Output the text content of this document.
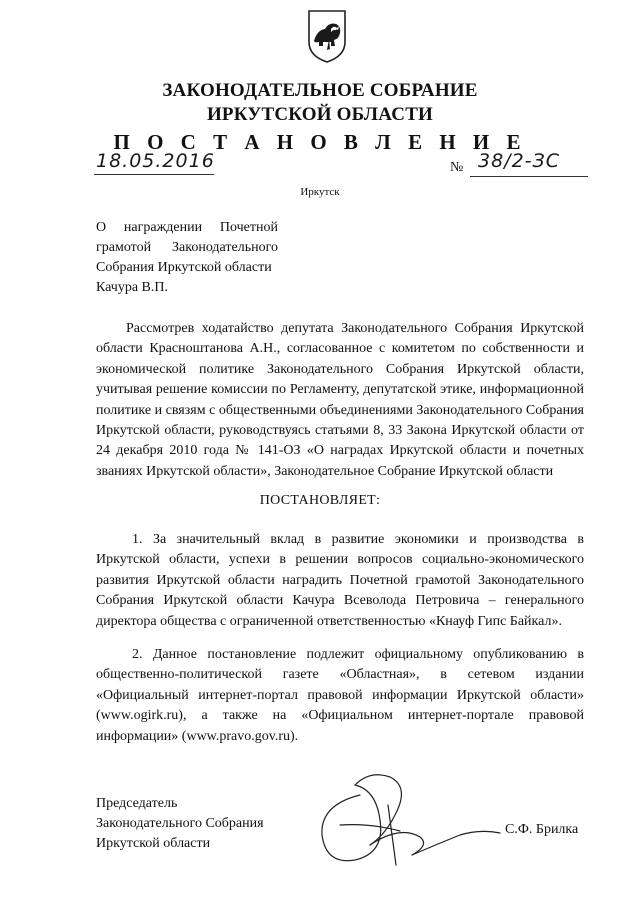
ЗАКОНОДАТЕЛЬНОЕ СОБРАНИЕ
ИРКУТСКОЙ ОБЛАСТИ
П О С Т А Н О В Л Е Н И Е
18.05.2016	№ 38/2-ЗС
Иркутск
О награждении Почетной
грамотой Законодательного
Собрания Иркутской области
Качура В.П.
Рассмотрев ходатайство депутата Законодательного Собрания Иркутской области Красноштанова А.Н., согласованное с комитетом по собственности и экономической политике Законодательного Собрания Иркутской области, учитывая решение комиссии по Регламенту, депутатской этике, информационной политике и связям с общественными объединениями Законодательного Собрания Иркутской области, руководствуясь статьями 8, 33 Закона Иркутской области от 24 декабря 2010 года № 141-ОЗ «О наградах Иркутской области и почетных званиях Иркутской области», Законодательное Собрание Иркутской области
ПОСТАНОВЛЯЕТ:
1. За значительный вклад в развитие экономики и производства в Иркутской области, успехи в решении вопросов социально-экономического развития Иркутской области наградить Почетной грамотой Законодательного Собрания Иркутской области Качура Всеволода Петровича – генерального директора общества с ограниченной ответственностью «Кнауф Гипс Байкал».
2. Данное постановление подлежит официальному опубликованию в общественно-политической газете «Областная», в сетевом издании «Официальный интернет-портал правовой информации Иркутской области» (www.ogirk.ru), а также на «Официальном интернет-портале правовой информации» (www.pravo.gov.ru).
Председатель
Законодательного Собрания
Иркутской области
С.Ф. Брилка
